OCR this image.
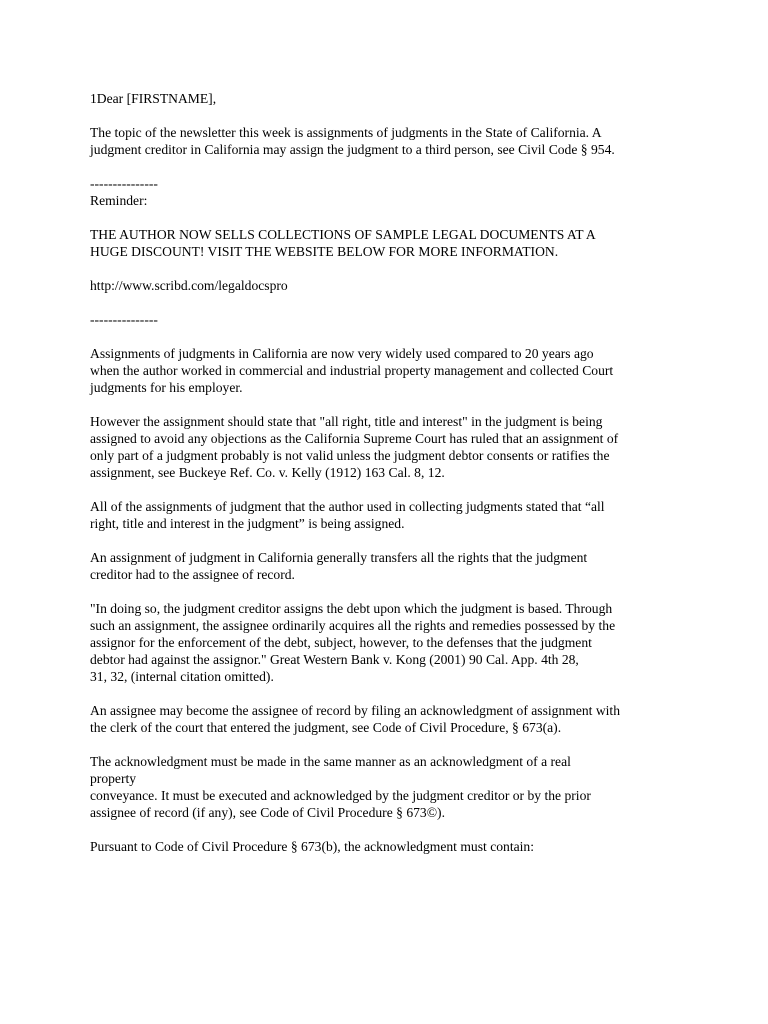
1Dear [FIRSTNAME],

The topic of the newsletter this week is assignments of judgments in the State of California. A
judgment creditor in California may assign the judgment to a third person, see Civil Code § 954.

---------------

Reminder:

THE AUTHOR NOW SELLS COLLECTIONS OF SAMPLE LEGAL DOCUMENTS AT A
HUGE DISCOUNT! VISIT THE WEBSITE BELOW FOR MORE INFORMATION.

http://www.scribd.com/legaldocspro

---------------

Assignments of judgments in California are now very widely used compared to 20 years ago
when the author worked in commercial and industrial property management and collected Court
judgments for his employer.

However the assignment should state that "all right, title and interest" in the judgment is being
assigned to avoid any objections as the California Supreme Court has ruled that an assignment of
only part of a judgment probably is not valid unless the judgment debtor consents or ratifies the
assignment, see Buckeye Ref. Co. v. Kelly (1912) 163 Cal. 8, 12.

All of the assignments of judgment that the author used in collecting judgments stated that “all
right, title and interest in the judgment” is being assigned.

An assignment of judgment in California generally transfers all the rights that the judgment
creditor had to the assignee of record.

"In doing so, the judgment creditor assigns the debt upon which the judgment is based. Through
such an assignment, the assignee ordinarily acquires all the rights and remedies possessed by the
assignor for the enforcement of the debt, subject, however, to the defenses that the judgment
debtor had against the assignor." Great Western Bank v. Kong (2001) 90 Cal. App. 4th 28,
31, 32, (internal citation omitted).

An assignee may become the assignee of record by filing an acknowledgment of assignment with
the clerk of the court that entered the judgment, see Code of Civil Procedure, § 673(a).

The acknowledgment must be made in the same manner as an acknowledgment of a real
property
conveyance. It must be executed and acknowledged by the judgment creditor or by the prior
assignee of record (if any), see Code of Civil Procedure § 673©).

Pursuant to Code of Civil Procedure § 673(b), the acknowledgment must contain:
